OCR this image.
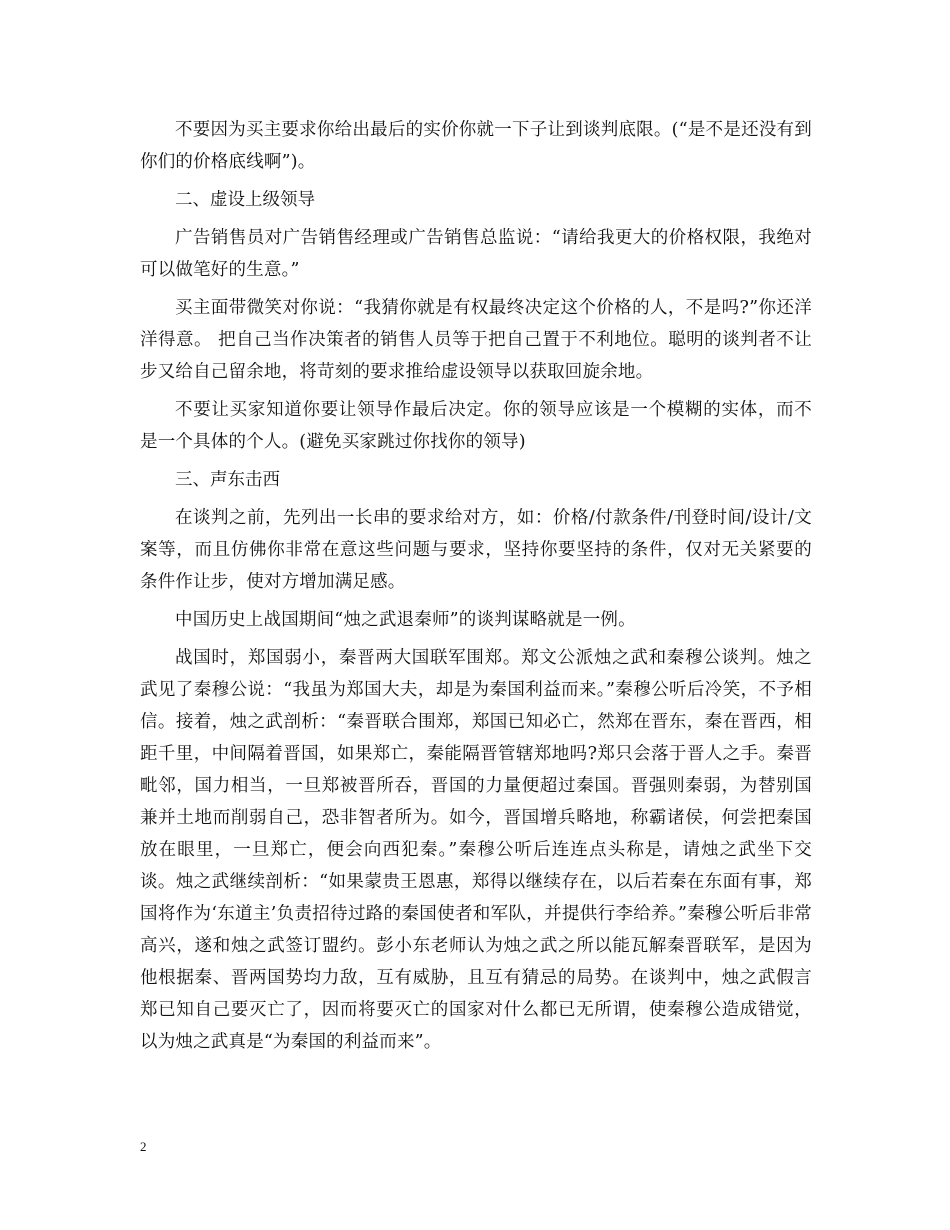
不要因为买主要求你给出最后的实价你就一下子让到谈判底限。(“是不是还没有到你们的价格底线啊”)。

二、虚设上级领导

广告销售员对广告销售经理或广告销售总监说：“请给我更大的价格权限，我绝对可以做笔好的生意。”

买主面带微笑对你说：“我猜你就是有权最终决定这个价格的人，不是吗?”你还洋洋得意。 把自己当作决策者的销售人员等于把自己置于不利地位。聪明的谈判者不让步又给自己留余地，将苛刻的要求推给虚设领导以获取回旋余地。

不要让买家知道你要让领导作最后决定。你的领导应该是一个模糊的实体，而不是一个具体的个人。(避免买家跳过你找你的领导)

三、声东击西

在谈判之前，先列出一长串的要求给对方，如：价格/付款条件/刊登时间/设计/文案等，而且仿佛你非常在意这些问题与要求，坚持你要坚持的条件，仅对无关紧要的条件作让步，使对方增加满足感。

中国历史上战国期间“烛之武退秦师”的谈判谋略就是一例。

战国时，郑国弱小，秦晋两大国联军围郑。郑文公派烛之武和秦穆公谈判。烛之武见了秦穆公说：“我虽为郑国大夫，却是为秦国利益而来。”秦穆公听后冷笑，不予相信。接着，烛之武剖析：“秦晋联合围郑，郑国已知必亡，然郑在晋东，秦在晋西，相距千里，中间隔着晋国，如果郑亡，秦能隔晋管辖郑地吗?郑只会落于晋人之手。秦晋毗邻，国力相当，一旦郑被晋所吞，晋国的力量便超过秦国。晋强则秦弱，为替别国兼并土地而削弱自己，恐非智者所为。如今，晋国增兵略地，称霸诸侯，何尝把秦国放在眼里，一旦郑亡，便会向西犯秦。”秦穆公听后连连点头称是，请烛之武坐下交谈。烛之武继续剖析：“如果蒙贵王恩惠，郑得以继续存在，以后若秦在东面有事，郑国将作为‘东道主’负责招待过路的秦国使者和军队，并提供行李给养。”秦穆公听后非常高兴，遂和烛之武签订盟约。彭小东老师认为烛之武之所以能瓦解秦晋联军，是因为他根据秦、晋两国势均力敌，互有威胁，且互有猜忌的局势。在谈判中，烛之武假言郑已知自己要灭亡了，因而将要灭亡的国家对什么都已无所谓，使秦穆公造成错觉，以为烛之武真是“为秦国的利益而来”。

2
